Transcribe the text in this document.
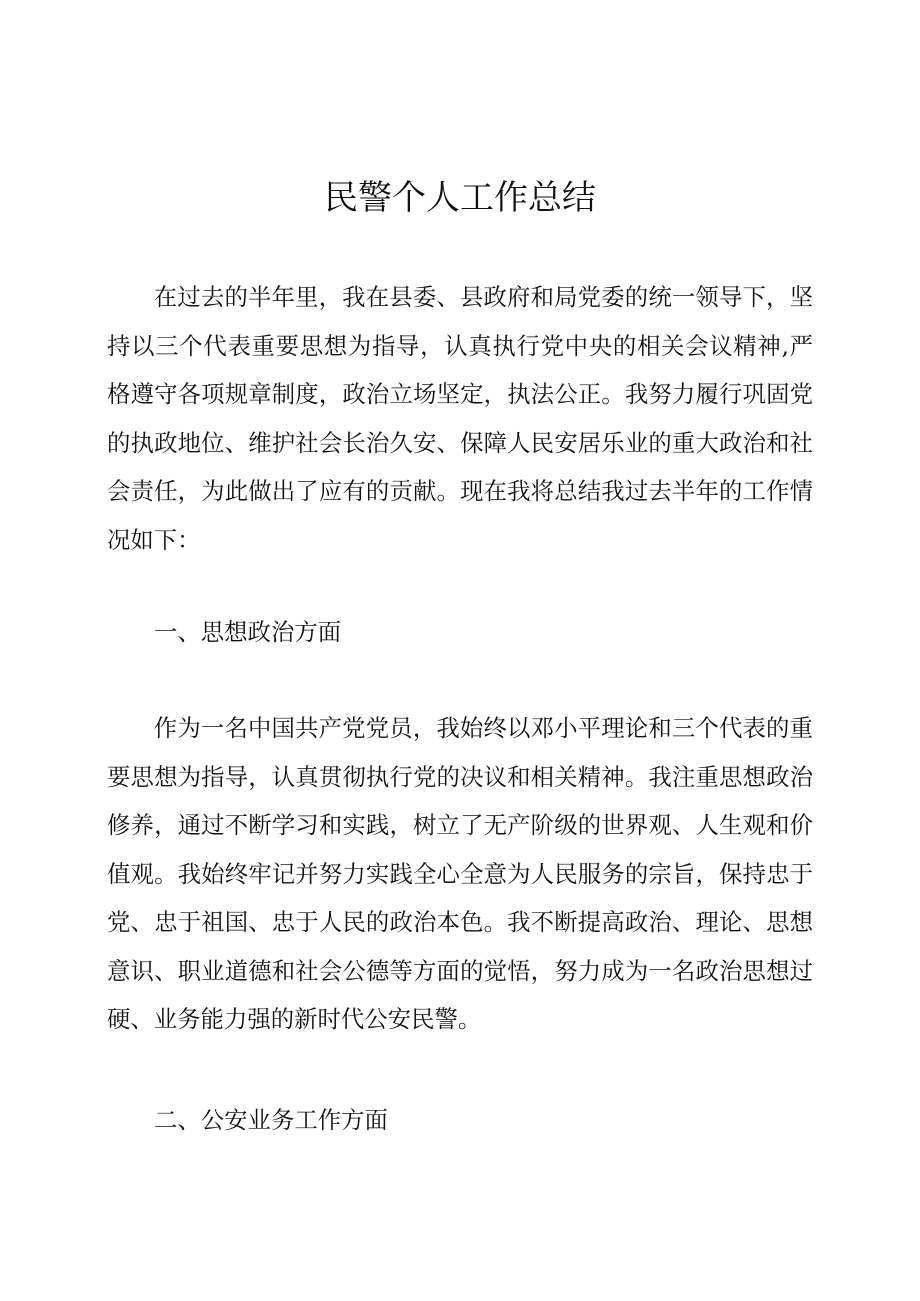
民警个人工作总结

在过去的半年里，我在县委、县政府和局党委的统一领导下，坚持以三个代表重要思想为指导，认真执行党中央的相关会议精神,严格遵守各项规章制度，政治立场坚定，执法公正。我努力履行巩固党的执政地位、维护社会长治久安、保障人民安居乐业的重大政治和社会责任，为此做出了应有的贡献。现在我将总结我过去半年的工作情况如下：

一、思想政治方面

作为一名中国共产党党员，我始终以邓小平理论和三个代表的重要思想为指导，认真贯彻执行党的决议和相关精神。我注重思想政治修养，通过不断学习和实践，树立了无产阶级的世界观、人生观和价值观。我始终牢记并努力实践全心全意为人民服务的宗旨，保持忠于党、忠于祖国、忠于人民的政治本色。我不断提高政治、理论、思想意识、职业道德和社会公德等方面的觉悟，努力成为一名政治思想过硬、业务能力强的新时代公安民警。

二、公安业务工作方面
